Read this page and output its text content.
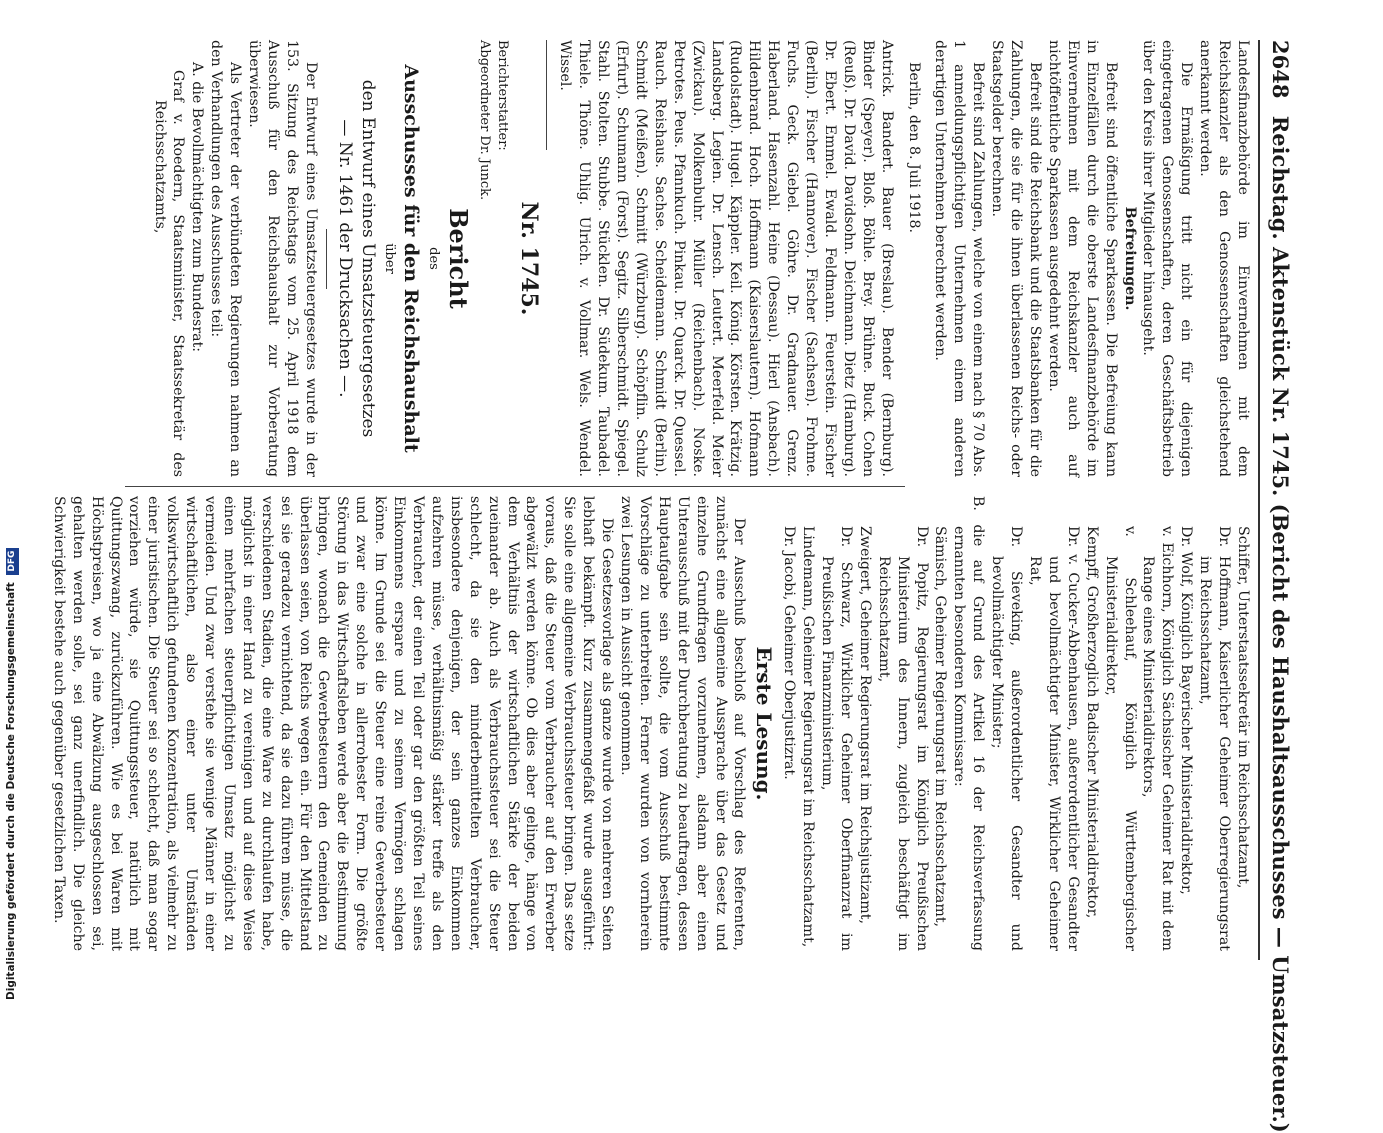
2648 Reichstag. Aktenstück Nr. 1745. (Bericht des Haushaltsausschusses — Umsatzsteuer.)

Landesfinanzbehörde im Einvernehmen mit dem Reichskanzler als den Genossenschaften gleichstehend anerkannt werden.

Die Ermäßigung tritt nicht ein für diejenigen eingetragenen Genossenschaften, deren Geschäftsbetrieb über den Kreis ihrer Mitglieder hinausgeht.

Befreiungen.

Befreit sind öffentliche Sparkassen. Die Befreiung kann in Einzelfällen durch die oberste Landesfinanzbehörde im Einvernehmen mit dem Reichskanzler auch auf nichtöffentliche Sparkassen ausgedehnt werden.

Befreit sind die Reichsbank und die Staatsbanken für die Zahlungen, die sie für die ihnen überlassenen Reichs- oder Staatsgelder berechnen.

Befreit sind Zahlungen, welche von einem nach § 70 Abs. 1 anmeldungspflichtigen Unternehmen einem anderen derartigen Unternehmen berechnet werden.

Berlin, den 8. Juli 1918.

Antrick. Bandert. Bauer (Breslau). Bender (Bernburg). Binder (Speyer). Bloß. Böhle. Brey. Brühne. Buck. Cohen (Reuß). Dr. David. Davidsohn. Deichmann. Dietz (Hamburg). Dr. Ebert. Emmel. Ewald. Feldmann. Feuerstein. Fischer (Berlin). Fischer (Hannover). Fischer (Sachsen). Frohme. Fuchs. Geck. Giebel. Göhre. Dr. Gradnauer. Grenz. Haberland. Hasenzahl. Heine (Dessau). Hierl (Ansbach). Hildenbrand. Hoch. Hoffmann (Kaiserslautern). Hofmann (Rudolstadt). Hugel. Käppler. Keil. König. Körsten. Krätzig. Landsberg. Legien. Dr. Lensch. Leutert. Meerfeld. Meier (Zwickau). Molkenbuhr. Müller (Reichenbach). Noske. Petrotes. Peus. Pfannkuch. Pinkau. Dr. Quarck. Dr. Quessel. Rauch. Reishaus. Sachse. Scheidemann. Schmidt (Berlin). Schmidt (Meißen). Schmitt (Würzburg). Schöpflin. Schulz (Erfurt). Schumann (Forst). Segitz. Silberschmidt. Spiegel. Stahl. Stolten. Stubbe. Stücklen. Dr. Südekum. Taubadel. Thiele. Thöne. Uhlig. Ulrich. v. Vollmar. Wels. Wendel. Wissel.

Nr. 1745.

Berichterstatter:

Abgeordneter Dr. Junck.

Bericht

des

Ausschusses für den Reichshaushalt

über

den Entwurf eines Umsatzsteuergesetzes

— Nr. 1461 der Drucksachen —.

Der Entwurf eines Umsatzsteuergesetzes wurde in der 153. Sitzung des Reichstags vom 25. April 1918 dem Ausschuß für den Reichshaushalt zur Vorberatung überwiesen.

Als Vertreter der verbündeten Regierungen nahmen an den Verhandlungen des Ausschusses teil:

A. die Bevollmächtigten zum Bundesrat:

Graf v. Roedern, Staatsminister, Staatssekretär des Reichsschatzamts,

Schiffer, Unterstaatssekretär im Reichsschatzamt,

Dr. Hoffmann, Kaiserlicher Geheimer Oberregierungsrat im Reichsschatzamt,

Dr. Wolf, Königlich Bayerischer Ministerialdirektor,

v. Eichhorn, Königlich Sächsischer Geheimer Rat mit dem Range eines Ministerialdirektors,

v. Schleehauf, Königlich Württembergischer Ministerialdirektor,

Kempff, Großherzoglich Badischer Ministerialdirektor,

Dr. v. Cucker-Abbenhausen, außerordentlicher Gesandter und bevollmächtigter Minister, Wirklicher Geheimer Rat,

Dr. Sieveking, außerordentlicher Gesandter und bevollmächtigter Minister;

B. die auf Grund des Artikel 16 der Reichsverfassung ernannten besonderen Kommissare:

Sämisch, Geheimer Regierungsrat im Reichsschatzamt,

Dr. Popitz, Regierungsrat im Königlich Preußischen Ministerium des Innern, zugleich beschäftigt im Reichsschatzamt,

Zweigert, Geheimer Regierungsrat im Reichsjustizamt,

Dr. Schwarz, Wirklicher Geheimer Oberfinanzrat im Preußischen Finanzministerium,

Lindemann, Geheimer Regierungsrat im Reichsschatzamt,

Dr. Jacobi, Geheimer Oberjustizrat.

Erste Lesung.

Der Ausschuß beschloß auf Vorschlag des Referenten, zunächst eine allgemeine Aussprache über das Gesetz und einzelne Grundfragen vorzunehmen, alsdann aber einen Unterausschuß mit der Durchberatung zu beauftragen, dessen Hauptaufgabe sein sollte, die vom Ausschuß bestimmte Vorschläge zu unterbreiten. Ferner wurden von vornherein zwei Lesungen in Aussicht genommen.

Die Gesetzesvorlage als ganze wurde von mehreren Seiten lebhaft bekämpft. Kurz zusammengefaßt wurde ausgeführt: Sie solle eine allgemeine Verbrauchssteuer bringen. Das setze voraus, daß die Steuer vom Verbraucher auf den Erwerber abgewälzt werden könne. Ob dies aber gelinge, hänge von dem Verhältnis der wirtschaftlichen Stärke der beiden zueinander ab. Auch als Verbrauchssteuer sei die Steuer schlecht, da sie den minderbemittelten Verbraucher, insbesondere denjenigen, der sein ganzes Einkommen aufzehren müsse, verhältnismäßig stärker treffe als den Verbraucher, der einen Teil oder gar den größten Teil seines Einkommens erspare und zu seinem Vermögen schlagen könne. Im Grunde sei die Steuer eine reine Gewerbesteuer und zwar eine solche in allerrohester Form. Die größte Störung in das Wirtschaftsleben werde aber die Bestimmung bringen, wonach die Gewerbesteuern den Gemeinden zu überlassen seien, von Reichs wegen ein. Für den Mittelstand sei sie geradezu vernichtend, da sie dazu führen müsse, die verschiedenen Stadien, die eine Ware zu durchlaufen habe, möglichst in einer Hand zu vereinigen und auf diese Weise einen mehrfachen steuerpflichtigen Umsatz möglichst zu vermeiden. Und zwar verstehe sie wenige Männer in einer wirtschaftlichen, also einer unter Umständen volkswirtschaftlich gefundenen Konzentration, als vielmehr zu einer juristischen. Die Steuer sei so schlecht, daß man sogar vorziehen würde, sie Quittungssteuer, natürlich mit Quittungszwang, zurückzuführen. Wie es bei Waren mit Höchstpreisen, wo ja eine Abwälzung ausgeschlossen sei, gehalten werden solle, sei ganz unerfindlich. Die gleiche Schwierigkeit bestehe auch gegenüber gesetzlichen Taxen.

Digitalisierung gefördert durch die Deutsche Forschungsgemeinschaft DFG
